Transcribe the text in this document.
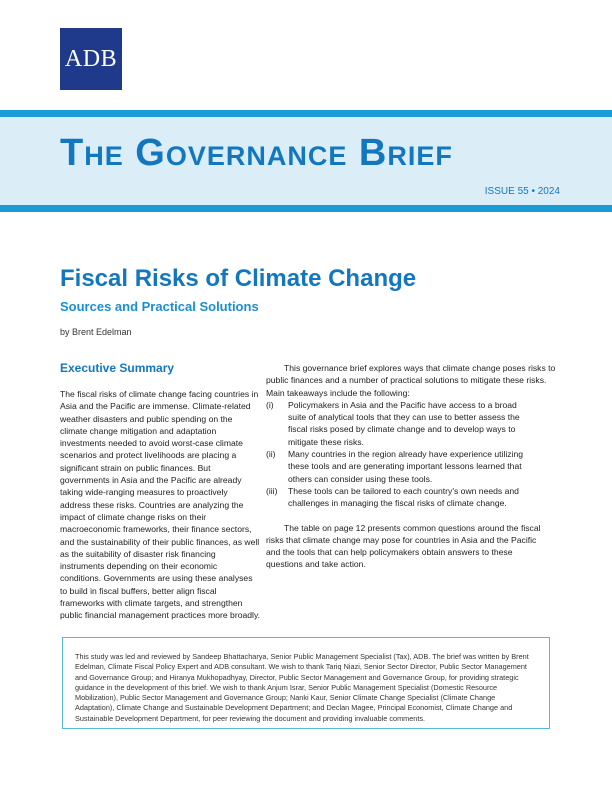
ADB
The Governance Brief
ISSUE 55 • 2024
Fiscal Risks of Climate Change
Sources and Practical Solutions
by Brent Edelman
Executive Summary

The fiscal risks of climate change facing countries in Asia and the Pacific are immense. Climate-related weather disasters and public spending on the climate change mitigation and adaptation investments needed to avoid worst-case climate scenarios and protect livelihoods are placing a significant strain on public finances. But governments in Asia and the Pacific are already taking wide-ranging measures to proactively address these risks. Countries are analyzing the impact of climate change risks on their macroeconomic frameworks, their finance sectors, and the sustainability of their public finances, as well as the suitability of disaster risk financing instruments depending on their economic conditions. Governments are using these analyses to build in fiscal buffers, better align fiscal frameworks with climate targets, and strengthen public financial management practices more broadly.

This governance brief explores ways that climate change poses risks to public finances and a number of practical solutions to mitigate these risks. Main takeaways include the following:

(i)	Policymakers in Asia and the Pacific have access to a broad suite of analytical tools that they can use to better assess the fiscal risks posed by climate change and to develop ways to mitigate these risks.
(ii)	Many countries in the region already have experience utilizing these tools and are generating important lessons learned that others can consider using these tools.
(iii)	These tools can be tailored to each country's own needs and challenges in managing the fiscal risks of climate change.

The table on page 12 presents common questions around the fiscal risks that climate change may pose for countries in Asia and the Pacific and the tools that can help policymakers obtain answers to these questions and take action.

This study was led and reviewed by Sandeep Bhattacharya, Senior Public Management Specialist (Tax), ADB. The brief was written by Brent Edelman, Climate Fiscal Policy Expert and ADB consultant. We wish to thank Tariq Niazi, Senior Sector Director, Public Sector Management and Governance Group; and Hiranya Mukhopadhyay, Director, Public Sector Management and Governance Group, for providing strategic guidance in the development of this brief. We wish to thank Anjum Israr, Senior Public Management Specialist (Domestic Resource Mobilization), Public Sector Management and Governance Group; Nanki Kaur, Senior Climate Change Specialist (Climate Change Adaptation), Climate Change and Sustainable Development Department; and Declan Magee, Principal Economist, Climate Change and Sustainable Development Department, for peer reviewing the document and providing invaluable comments.
